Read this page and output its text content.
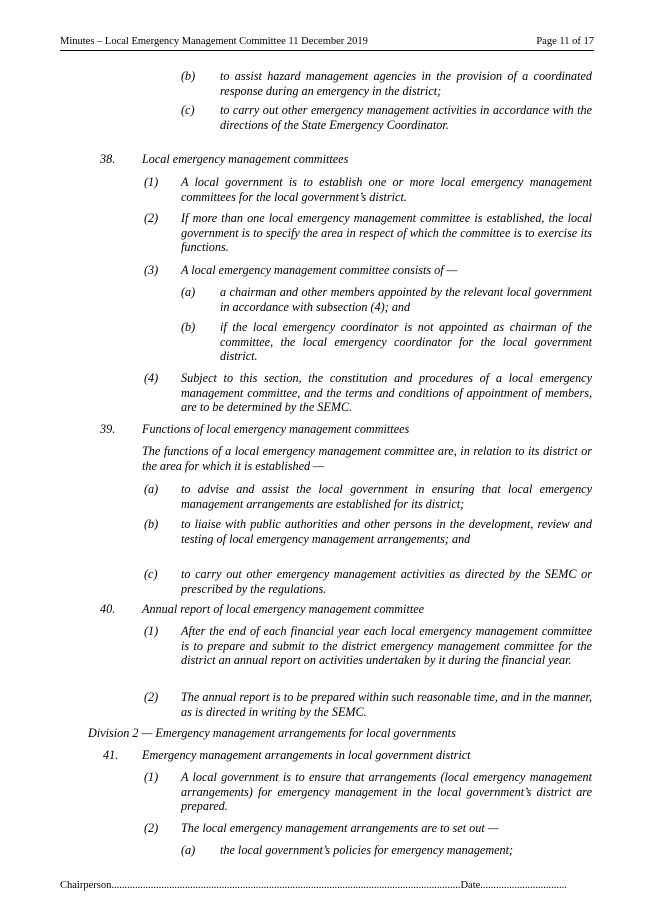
Minutes – Local Emergency Management Committee 11 December 2019	Page 11 of 17
(b) to assist hazard management agencies in the provision of a coordinated response during an emergency in the district;
(c) to carry out other emergency management activities in accordance with the directions of the State Emergency Coordinator.
38. Local emergency management committees
(1) A local government is to establish one or more local emergency management committees for the local government’s district.
(2) If more than one local emergency management committee is established, the local government is to specify the area in respect of which the committee is to exercise its functions.
(3) A local emergency management committee consists of —
(a) a chairman and other members appointed by the relevant local government in accordance with subsection (4); and
(b) if the local emergency coordinator is not appointed as chairman of the committee, the local emergency coordinator for the local government district.
(4) Subject to this section, the constitution and procedures of a local emergency management committee, and the terms and conditions of appointment of members, are to be determined by the SEMC.
39. Functions of local emergency management committees
The functions of a local emergency management committee are, in relation to its district or the area for which it is established —
(a) to advise and assist the local government in ensuring that local emergency management arrangements are established for its district;
(b) to liaise with public authorities and other persons in the development, review and testing of local emergency management arrangements; and
(c) to carry out other emergency management activities as directed by the SEMC or prescribed by the regulations.
40. Annual report of local emergency management committee
(1) After the end of each financial year each local emergency management committee is to prepare and submit to the district emergency management committee for the district an annual report on activities undertaken by it during the financial year.
(2) The annual report is to be prepared within such reasonable time, and in the manner, as is directed in writing by the SEMC.
Division 2 — Emergency management arrangements for local governments
41. Emergency management arrangements in local government district
(1) A local government is to ensure that arrangements (local emergency management arrangements) for emergency management in the local government’s district are prepared.
(2) The local emergency management arrangements are to set out —
(a) the local government’s policies for emergency management;
Chairperson.....................................................................................................................................Date.................................
